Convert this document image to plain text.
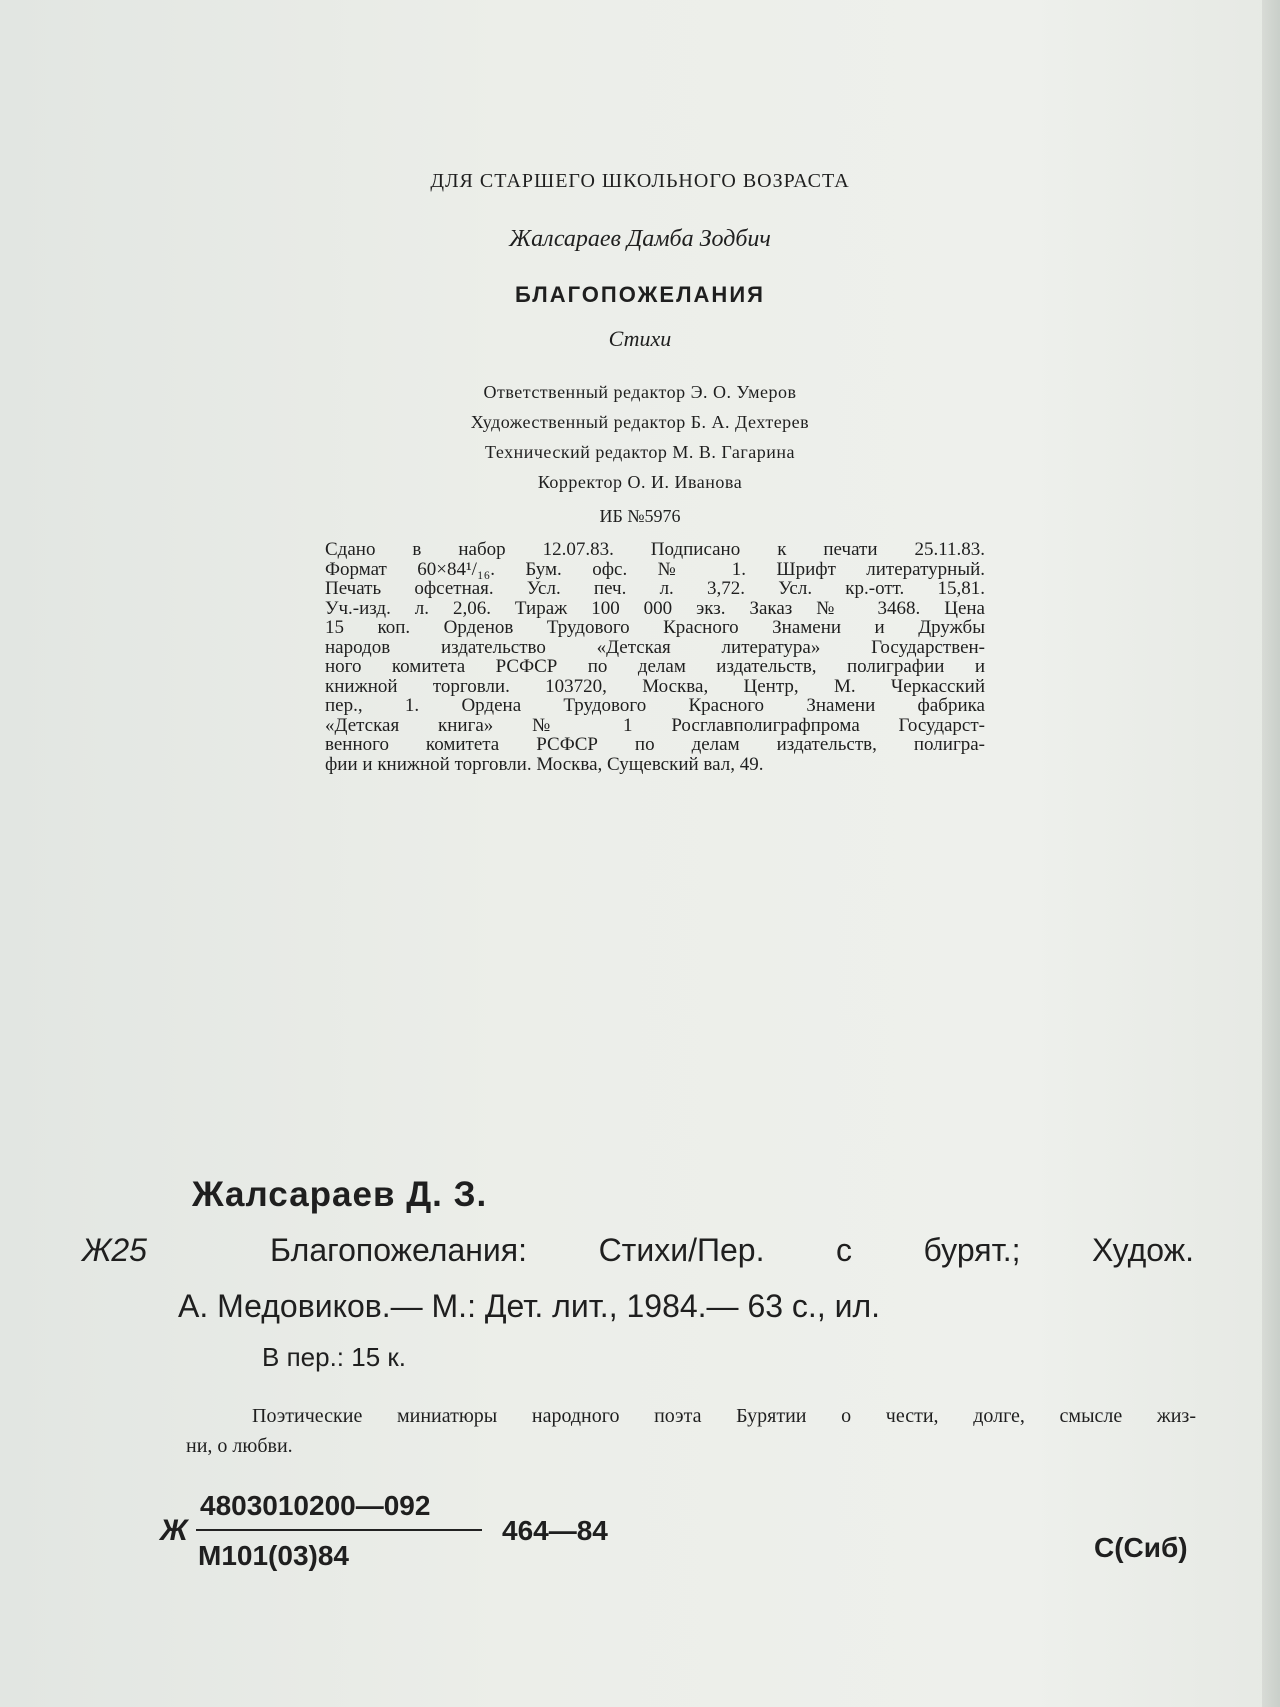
ДЛЯ СТАРШЕГО ШКОЛЬНОГО ВОЗРАСТА
Жалсараев Дамба Зодбич
БЛАГОПОЖЕЛАНИЯ
Стихи
Ответственный редактор Э. О. Умеров
Художественный редактор Б. А. Дехтерев
Технический редактор М. В. Гагарина
Корректор О. И. Иванова
ИБ №5976
Сдано в набор 12.07.83. Подписано к печати 25.11.83.
Формат 60×84¹/₁₆. Бум. офс. № 1. Шрифт литературный.
Печать офсетная. Усл. печ. л. 3,72. Усл. кр.-отт. 15,81.
Уч.-изд. л. 2,06. Тираж 100 000 экз. Заказ № 3468. Цена
15 коп. Орденов Трудового Красного Знамени и Дружбы
народов издательство «Детская литература» Государствен-
ного комитета РСФСР по делам издательств, полиграфии и
книжной торговли. 103720, Москва, Центр, М. Черкасский
пер., 1. Ордена Трудового Красного Знамени фабрика
«Детская книга» № 1 Росглавполиграфпрома Государст-
венного комитета РСФСР по делам издательств, полигра-
фии и книжной торговли. Москва, Сущевский вал, 49.
Жалсараев Д. З.
Ж25	Благопожелания: Стихи/Пер. с бурят.; Худож.
А. Медовиков.— М.: Дет. лит., 1984.— 63 с., ил.
В пер.: 15 к.
Поэтические миниатюры народного поэта Бурятии о чести, долге, смысле жиз-
ни, о любви.
Ж
4803010200—092
М101(03)84
464—84
С(Сиб)
